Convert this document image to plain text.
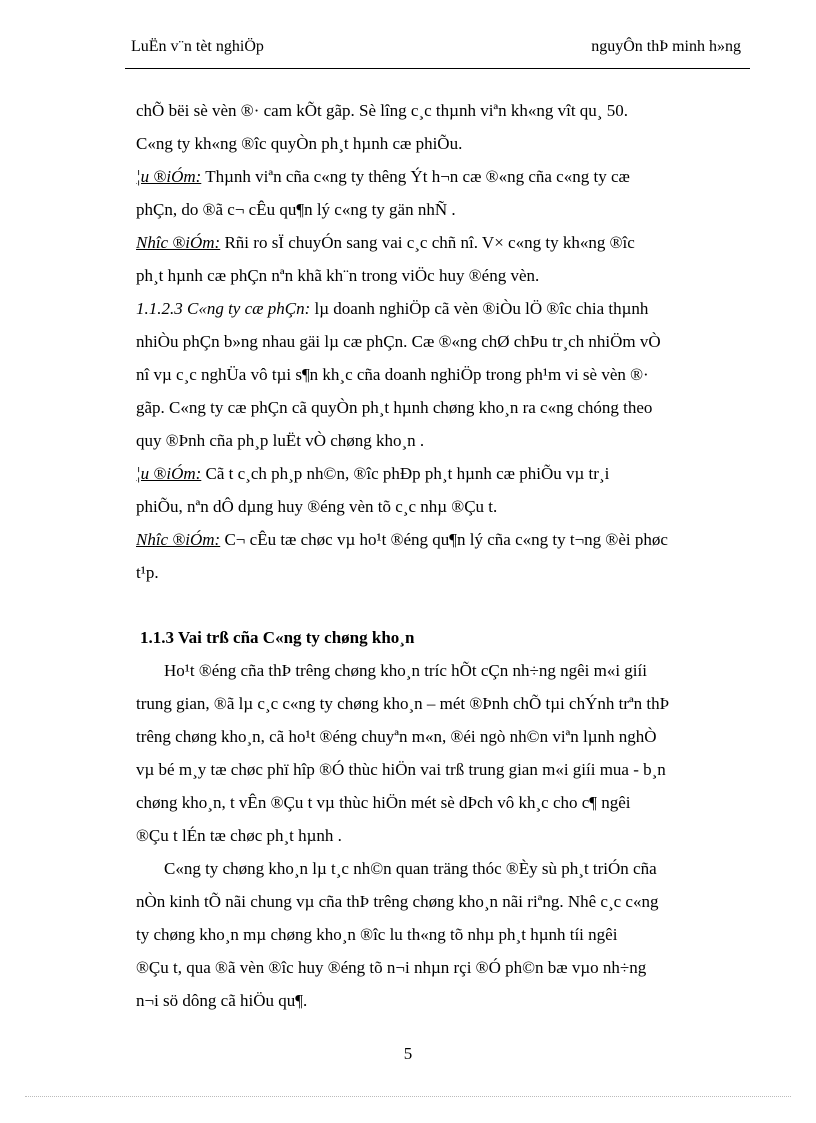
LuËn v¨n tèt nghiÖp	nguyÔn thÞ minh h»ng
chÕ bëi sè vèn ®· cam kÕt gãp. Sè lîng c¸c thµnh viªn kh«ng vît qu¸ 50.
C«ng ty kh«ng ®îc quyÒn ph¸t hµnh cæ phiÕu.
¦u ®iÓm: Thµnh viªn cña c«ng ty thêng Ýt h¬n cæ ®«ng cña c«ng ty cæ
phÇn, do ®ã c¬ cÊu qu¶n lý c«ng ty gän nhÑ .
Nhîc ®iÓm: Rñi ro sÏ chuyÓn sang vai c¸c chñ nî. V× c«ng ty kh«ng ®îc
ph¸t hµnh cæ phÇn nªn khã kh¨n trong viÖc huy ®éng vèn.
1.1.2.3 C«ng ty cæ phÇn: lµ doanh nghiÖp cã vèn ®iÒu lÖ ®îc chia thµnh
nhiÒu phÇn b»ng nhau gäi lµ cæ phÇn. Cæ ®«ng chØ chÞu tr¸ch nhiÖm vÒ
nî vµ c¸c nghÜa vô tµi s¶n kh¸c cña doanh nghiÖp trong ph¹m vi sè vèn ®·
gãp. C«ng ty cæ phÇn cã quyÒn ph¸t hµnh chøng kho¸n ra c«ng chóng theo
quy ®Þnh cña ph¸p luËt vÒ chøng kho¸n .
¦u ®iÓm: Cã t c¸ch ph¸p nh©n, ®îc phÐp ph¸t hµnh cæ phiÕu vµ tr¸i
phiÕu, nªn dÔ dµng huy ®éng vèn tõ c¸c nhµ ®Çu t.
Nhîc ®iÓm: C¬ cÊu tæ chøc vµ ho¹t ®éng qu¶n lý cña c«ng ty t¬ng ®èi phøc
t¹p.
1.1.3 Vai trß cña C«ng ty chøng kho¸n
Ho¹t ®éng cña thÞ trêng chøng kho¸n tríc hÕt cÇn nh÷ng ngêi m«i giíi
trung gian, ®ã lµ c¸c c«ng ty chøng kho¸n – mét ®Þnh chÕ tµi chÝnh trªn thÞ
trêng chøng kho¸n, cã ho¹t ®éng chuyªn m«n, ®éi ngò nh©n viªn lµnh nghÒ
vµ bé m¸y tæ chøc phï hîp ®Ó thùc hiÖn vai trß trung gian m«i giíi mua - b¸n
chøng kho¸n, t vÊn ®Çu t vµ thùc hiÖn mét sè dÞch vô kh¸c cho c¶ ngêi
®Çu t lÉn tæ chøc ph¸t hµnh .
C«ng ty chøng kho¸n lµ t¸c nh©n quan träng thóc ®Èy sù ph¸t triÓn cña
nÒn kinh tÕ nãi chung vµ cña thÞ trêng chøng kho¸n nãi riªng. Nhê c¸c c«ng
ty chøng kho¸n mµ chøng kho¸n ®îc lu th«ng tõ nhµ ph¸t hµnh tíi ngêi
®Çu t, qua ®ã vèn ®îc huy ®éng tõ n¬i nhµn rçi ®Ó ph©n bæ vµo nh÷ng
n¬i sö dông cã hiÖu qu¶.
5
